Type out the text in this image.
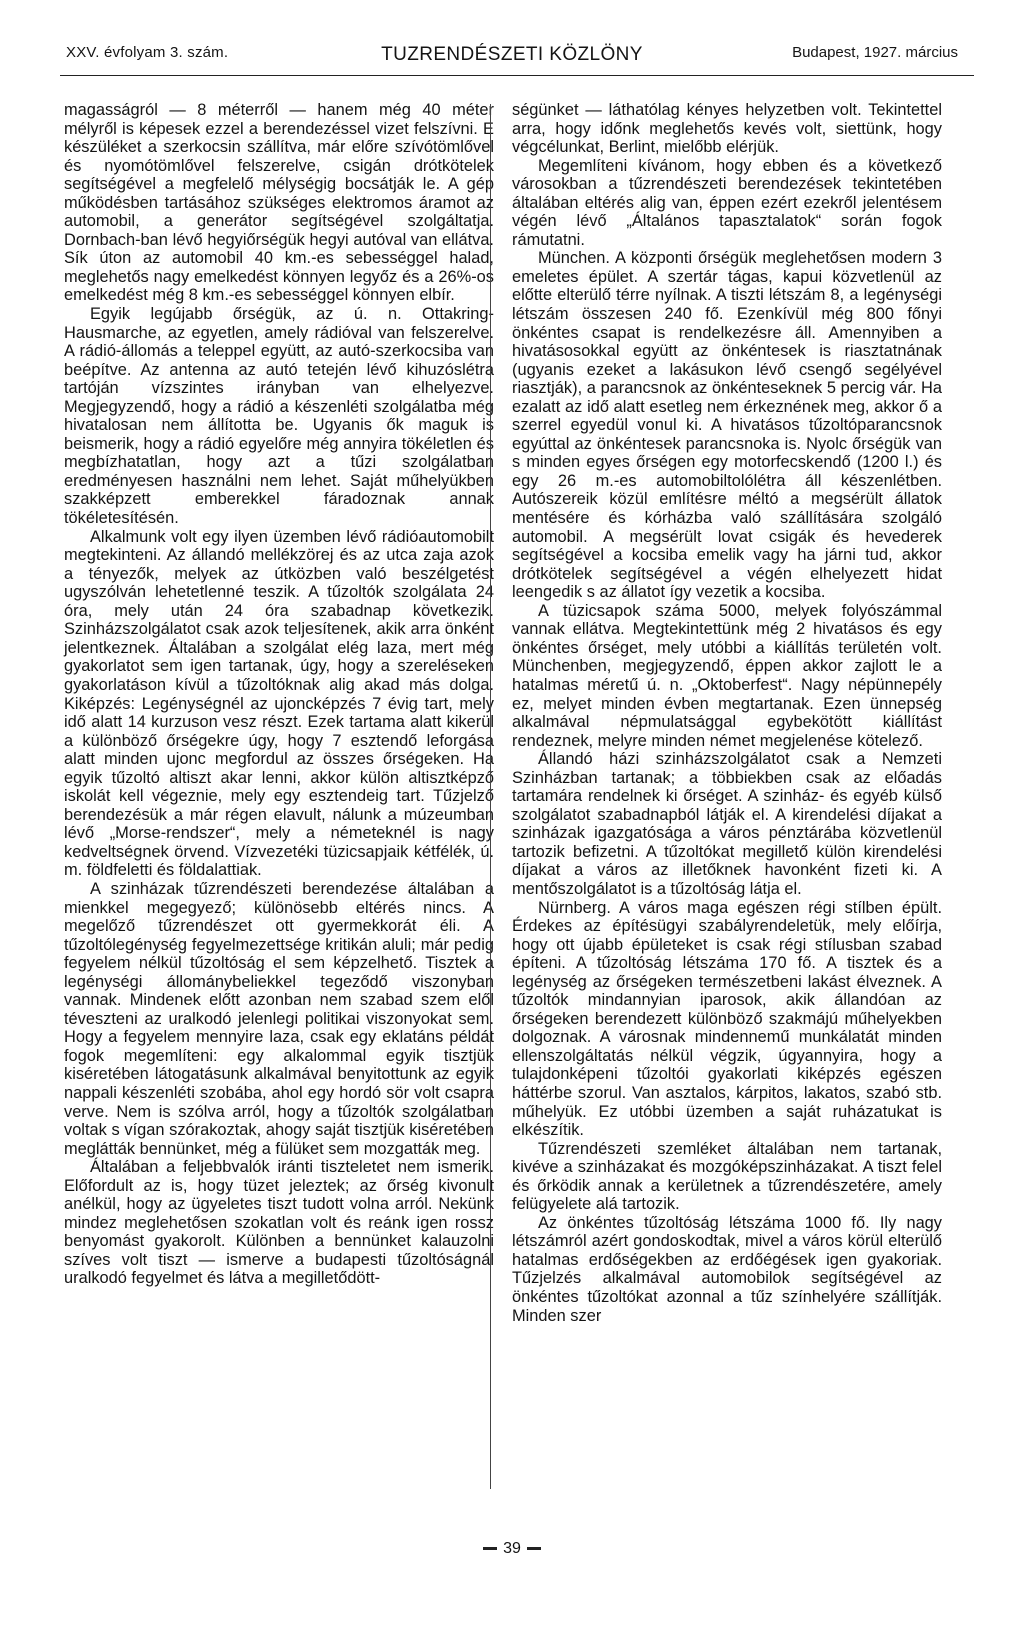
XXV. évfolyam 3. szám.	TUZRENDÉSZETI KÖZLÖNY	Budapest, 1927. március

magasságról — 8 méterről — hanem még 40 méter mélyről is képesek ezzel a berendezéssel vizet felszívni. E készüléket a szerkocsin szállítva, már előre szívótömlővel és nyomótömlővel felszerelve, csigán drótkötelek segítségével a megfelelő mélységig bocsátják le. A gép működésben tartásához szükséges elektromos áramot az automobil, a generátor segítségével szolgáltatja. Dornbach-ban lévő hegyiőrségük hegyi autóval van ellátva. Sík úton az automobil 40 km.-es sebességgel halad, meglehetős nagy emelkedést könnyen legyőz és a 26%-os emelkedést még 8 km.-es sebességgel könnyen elbír.

Egyik legújabb őrségük, az ú. n. Ottakring-Hausmarche, az egyetlen, amely rádióval van felszerelve. A rádió-állomás a teleppel együtt, az autó-szerkocsiba van beépítve. Az antenna az autó tetején lévő kihuzóslétra tartóján vízszintes irányban van elhelyezve. Megjegyzendő, hogy a rádió a készenléti szolgálatba még hivatalosan nem állította be. Ugyanis ők maguk is beismerik, hogy a rádió egyelőre még annyira tökéletlen és megbízhatatlan, hogy azt a tűzi szolgálatban eredményesen használni nem lehet. Saját műhelyükben szakképzett emberekkel fáradoznak annak tökéletesítésén.

Alkalmunk volt egy ilyen üzemben lévő rádióautomobilt megtekinteni. Az állandó mellékzörej és az utca zaja azok a tényezők, melyek az útközben való beszélgetést ugyszólván lehetetlenné teszik. A tűzoltók szolgálata 24 óra, mely után 24 óra szabadnap következik. Szinházszolgálatot csak azok teljesítenek, akik arra önként jelentkeznek. Általában a szolgálat elég laza, mert még gyakorlatot sem igen tartanak, úgy, hogy a szereléseken gyakorlatáson kívül a tűzoltóknak alig akad más dolga. Kiképzés: Legénységnél az ujoncképzés 7 évig tart, mely idő alatt 14 kurzuson vesz részt. Ezek tartama alatt kikerül a különböző őrségekre úgy, hogy 7 esztendő leforgása alatt minden ujonc megfordul az összes őrségeken. Ha egyik tűzoltó altiszt akar lenni, akkor külön altisztképző iskolát kell végeznie, mely egy esztendeig tart. Tűzjelző berendezésük a már régen elavult, nálunk a múzeumban lévő „Morse-rendszer“, mely a németeknél is nagy kedveltségnek örvend. Vízvezetéki tüzicsapjaik kétfélék, ú. m. földfeletti és földalattiak.

A szinházak tűzrendészeti berendezése általában a mienkkel megegyező; különösebb eltérés nincs. A megelőző tűzrendészet ott gyermekkorát éli. A tűzoltólegénység fegyelmezettsége kritikán aluli; már pedig fegyelem nélkül tűzoltóság el sem képzelhető. Tisztek a legénységi állománybeliekkel tegeződő viszonyban vannak. Mindenek előtt azonban nem szabad szem elől téveszteni az uralkodó jelenlegi politikai viszonyokat sem. Hogy a fegyelem mennyire laza, csak egy eklatáns példát fogok megemlíteni: egy alkalommal egyik tisztjük kiséretében látogatásunk alkalmával benyitottunk az egyik nappali készenléti szobába, ahol egy hordó sör volt csapra verve. Nem is szólva arról, hogy a tűzoltók szolgálatban voltak s vígan szórakoztak, ahogy saját tisztjük kiséretében meglátták bennünket, még a fülüket sem mozgatták meg.

Általában a feljebbvalók iránti tiszteletet nem ismerik. Előfordult az is, hogy tüzet jeleztek; az őrség kivonult anélkül, hogy az ügyeletes tiszt tudott volna arról. Nekünk mindez meglehetősen szokatlan volt és reánk igen rossz benyomást gyakorolt. Különben a bennünket kalauzolni szíves volt tiszt — ismerve a budapesti tűzoltóságnál uralkodó fegyelmet és látva a megilletődött-

ségünket — láthatólag kényes helyzetben volt. Tekintettel arra, hogy időnk meglehetős kevés volt, siettünk, hogy végcélunkat, Berlint, mielőbb elérjük.

Megemlíteni kívánom, hogy ebben és a következő városokban a tűzrendészeti berendezések tekintetében általában eltérés alig van, éppen ezért ezekről jelentésem végén lévő „Általános tapasztalatok“ során fogok rámutatni.

München. A központi őrségük meglehetősen modern 3 emeletes épület. A szertár tágas, kapui közvetlenül az előtte elterülő térre nyílnak. A tiszti létszám 8, a legénységi létszám összesen 240 fő. Ezenkívül még 800 főnyi önkéntes csapat is rendelkezésre áll. Amennyiben a hivatásosokkal együtt az önkéntesek is riasztatnának (ugyanis ezeket a lakásukon lévő csengő segélyével riasztják), a parancsnok az önkénteseknek 5 percig vár. Ha ezalatt az idő alatt esetleg nem érkeznének meg, akkor ő a szerrel egyedül vonul ki. A hivatásos tűzoltóparancsnok egyúttal az önkéntesek parancsnoka is. Nyolc őrségük van s minden egyes őrségen egy motorfecskendő (1200 l.) és egy 26 m.-es automobiltolólétra áll készenlétben. Autószereik közül említésre méltó a megsérült állatok mentésére és kórházba való szállítására szolgáló automobil. A megsérült lovat csigák és hevederek segítségével a kocsiba emelik vagy ha járni tud, akkor drótkötelek segítségével a végén elhelyezett hidat leengedik s az állatot így vezetik a kocsiba.

A tüzicsapok száma 5000, melyek folyószámmal vannak ellátva. Megtekintettünk még 2 hivatásos és egy önkéntes őrséget, mely utóbbi a kiállítás területén volt. Münchenben, megjegyzendő, éppen akkor zajlott le a hatalmas méretű ú. n. „Oktoberfest“. Nagy népünnepély ez, melyet minden évben megtartanak. Ezen ünnepség alkalmával népmulatsággal egybekötött kiállítást rendeznek, melyre minden német megjelenése kötelező.

Állandó házi szinházszolgálatot csak a Nemzeti Szinházban tartanak; a többiekben csak az előadás tartamára rendelnek ki őrséget. A szinház- és egyéb külső szolgálatot szabadnapból látják el. A kirendelési díjakat a szinházak igazgatósága a város pénztárába közvetlenül tartozik befizetni. A tűzoltókat megillető külön kirendelési díjakat a város az illetőknek havonként fizeti ki. A mentőszolgálatot is a tűzoltóság látja el.

Nürnberg. A város maga egészen régi stílben épült. Érdekes az építésügyi szabályrendeletük, mely előírja, hogy ott újabb épületeket is csak régi stílusban szabad építeni. A tűzoltóság létszáma 170 fő. A tisztek és a legénység az őrségeken természetbeni lakást élveznek. A tűzoltók mindannyian iparosok, akik állandóan az őrségeken berendezett különböző szakmájú műhelyekben dolgoznak. A városnak mindennemű munkálatát minden ellenszolgáltatás nélkül végzik, úgyannyira, hogy a tulajdonképeni tűzoltói gyakorlati kiképzés egészen háttérbe szorul. Van asztalos, kárpitos, lakatos, szabó stb. műhelyük. Ez utóbbi üzemben a saját ruházatukat is elkészítik.

Tűzrendészeti szemléket általában nem tartanak, kivéve a szinházakat és mozgóképszinházakat. A tiszt felel és őrködik annak a kerületnek a tűzrendészetére, amely felügyelete alá tartozik.

Az önkéntes tűzoltóság létszáma 1000 fő. Ily nagy létszámról azért gondoskodtak, mivel a város körül elterülő hatalmas erdőségekben az erdőégések igen gyakoriak. Tűzjelzés alkalmával automobilok segítségével az önkéntes tűzoltókat azonnal a tűz színhelyére szállítják. Minden szer

39
